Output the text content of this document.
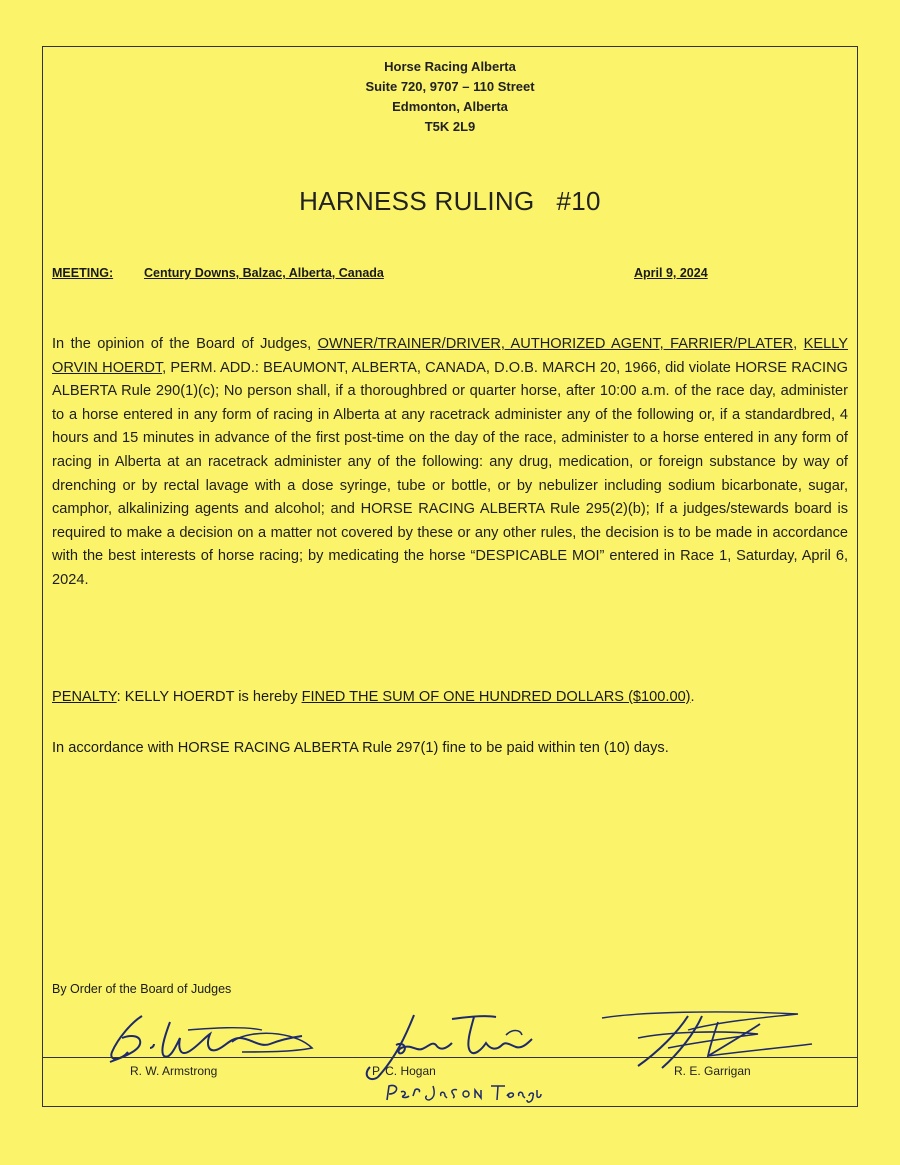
Horse Racing Alberta
Suite 720, 9707 – 110 Street
Edmonton, Alberta
T5K 2L9
HARNESS RULING #10
MEETING: Century Downs, Balzac, Alberta, Canada	April 9, 2024
In the opinion of the Board of Judges, OWNER/TRAINER/DRIVER, AUTHORIZED AGENT, FARRIER/PLATER, KELLY ORVIN HOERDT, PERM. ADD.: BEAUMONT, ALBERTA, CANADA, D.O.B. MARCH 20, 1966, did violate HORSE RACING ALBERTA Rule 290(1)(c); No person shall, if a thoroughbred or quarter horse, after 10:00 a.m. of the race day, administer to a horse entered in any form of racing in Alberta at any racetrack administer any of the following or, if a standardbred, 4 hours and 15 minutes in advance of the first post-time on the day of the race, administer to a horse entered in any form of racing in Alberta at an racetrack administer any of the following: any drug, medication, or foreign substance by way of drenching or by rectal lavage with a dose syringe, tube or bottle, or by nebulizer including sodium bicarbonate, sugar, camphor, alkalinizing agents and alcohol; and HORSE RACING ALBERTA Rule 295(2)(b); If a judges/stewards board is required to make a decision on a matter not covered by these or any other rules, the decision is to be made in accordance with the best interests of horse racing; by medicating the horse “DESPICABLE MOI” entered in Race 1, Saturday, April 6, 2024.
PENALTY: KELLY HOERDT is hereby FINED THE SUM OF ONE HUNDRED DOLLARS ($100.00).
In accordance with HORSE RACING ALBERTA Rule 297(1) fine to be paid within ten (10) days.
By Order of the Board of Judges
R. W. Armstrong	P. C. Hogan	R. E. Garrigan
